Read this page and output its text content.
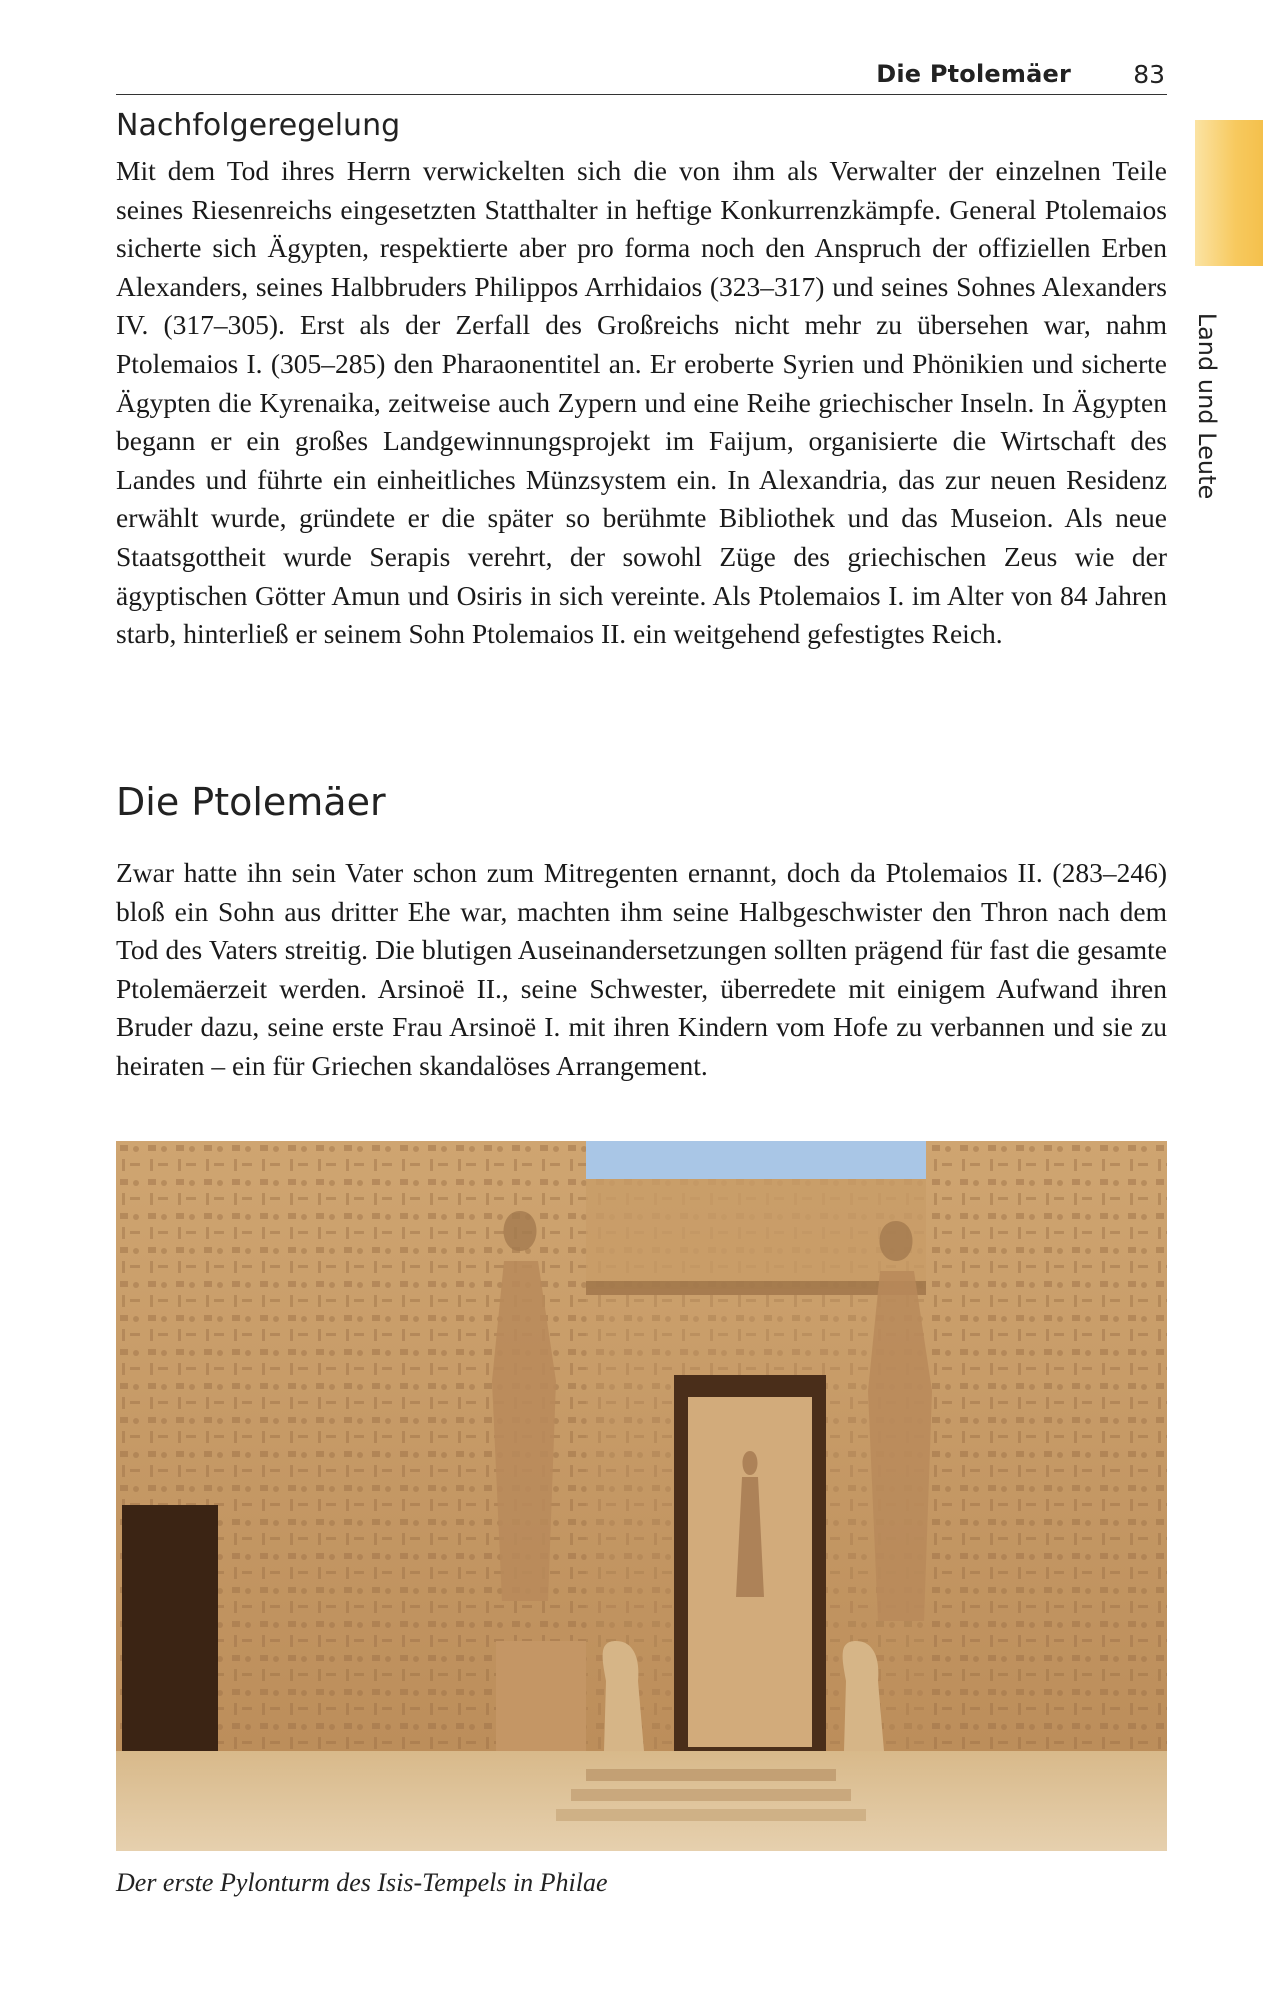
Die Ptolemäer 83
Land und Leute
Nachfolgeregelung

Mit dem Tod ihres Herrn verwickelten sich die von ihm als Verwalter der einzelnen Teile seines Riesenreichs eingesetzten Statthalter in heftige Konkurrenzkämpfe. General Ptolemaios sicherte sich Ägypten, respektierte aber pro forma noch den Anspruch der offiziellen Erben Alexanders, seines Halbbruders Philippos Arrhidaios (323–317) und seines Sohnes Alexanders IV. (317–305). Erst als der Zerfall des Großreichs nicht mehr zu übersehen war, nahm Ptolemaios I. (305–285) den Pharaonentitel an. Er eroberte Syrien und Phönikien und sicherte Ägypten die Kyrenaika, zeitweise auch Zypern und eine Reihe griechischer Inseln. In Ägypten begann er ein großes Landgewinnungsprojekt im Faijum, organisierte die Wirtschaft des Landes und führte ein einheitliches Münzsystem ein. In Alexandria, das zur neuen Residenz erwählt wurde, gründete er die später so berühmte Bibliothek und das Museion. Als neue Staatsgottheit wurde Serapis verehrt, der sowohl Züge des griechischen Zeus wie der ägyptischen Götter Amun und Osiris in sich vereinte. Als Ptolemaios I. im Alter von 84 Jahren starb, hinterließ er seinem Sohn Ptolemaios II. ein weitgehend gefestigtes Reich.

Die Ptolemäer

Zwar hatte ihn sein Vater schon zum Mitregenten ernannt, doch da Ptolemaios II. (283–246) bloß ein Sohn aus dritter Ehe war, machten ihm seine Halbgeschwister den Thron nach dem Tod des Vaters streitig. Die blutigen Auseinandersetzungen sollten prägend für fast die gesamte Ptolemäerzeit werden. Arsinoë II., seine Schwester, überredete mit einigem Aufwand ihren Bruder dazu, seine erste Frau Arsinoë I. mit ihren Kindern vom Hofe zu verbannen und sie zu heiraten – ein für Griechen skandalöses Arrangement.

Der erste Pylonturm des Isis-Tempels in Philae
